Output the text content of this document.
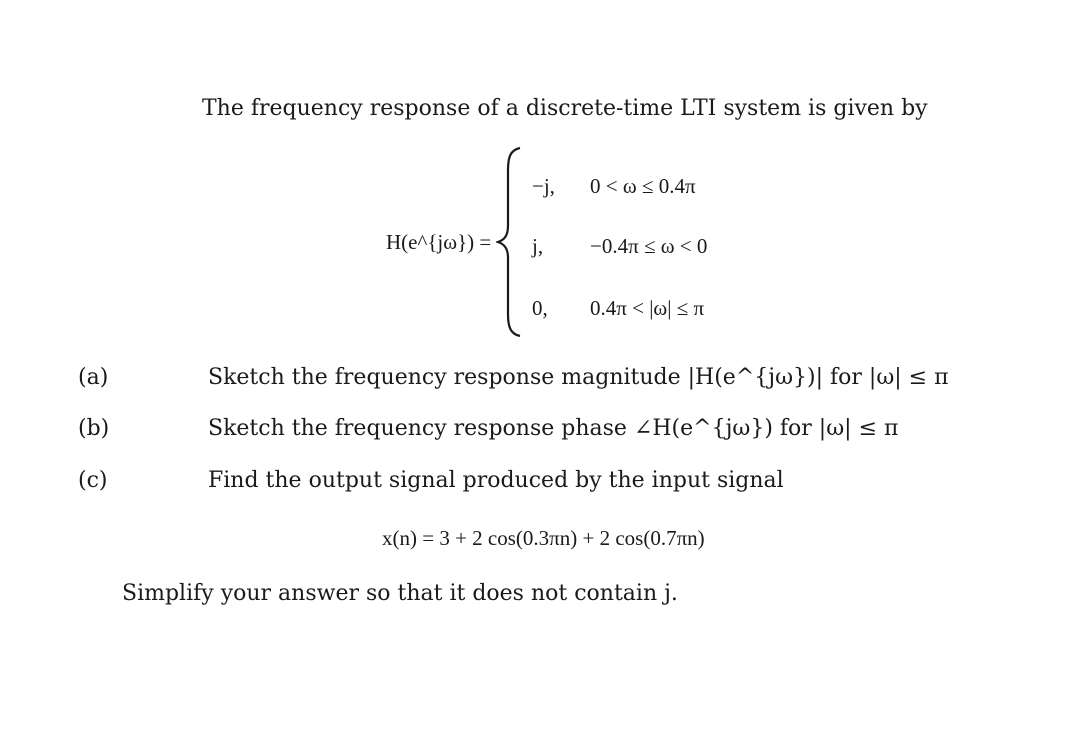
The frequency response of a discrete-time LTI system is given by
H(e^{jω}) =
−j, 0 < ω ≤ 0.4π
j, −0.4π ≤ ω < 0
0, 0.4π < |ω| ≤ π
(a)	Sketch the frequency response magnitude |H(e^{jω})| for |ω| ≤ π
(b)	Sketch the frequency response phase ∠H(e^{jω}) for |ω| ≤ π
(c)	Find the output signal produced by the input signal
x(n) = 3 + 2 cos(0.3πn) + 2 cos(0.7πn)
Simplify your answer so that it does not contain j.
